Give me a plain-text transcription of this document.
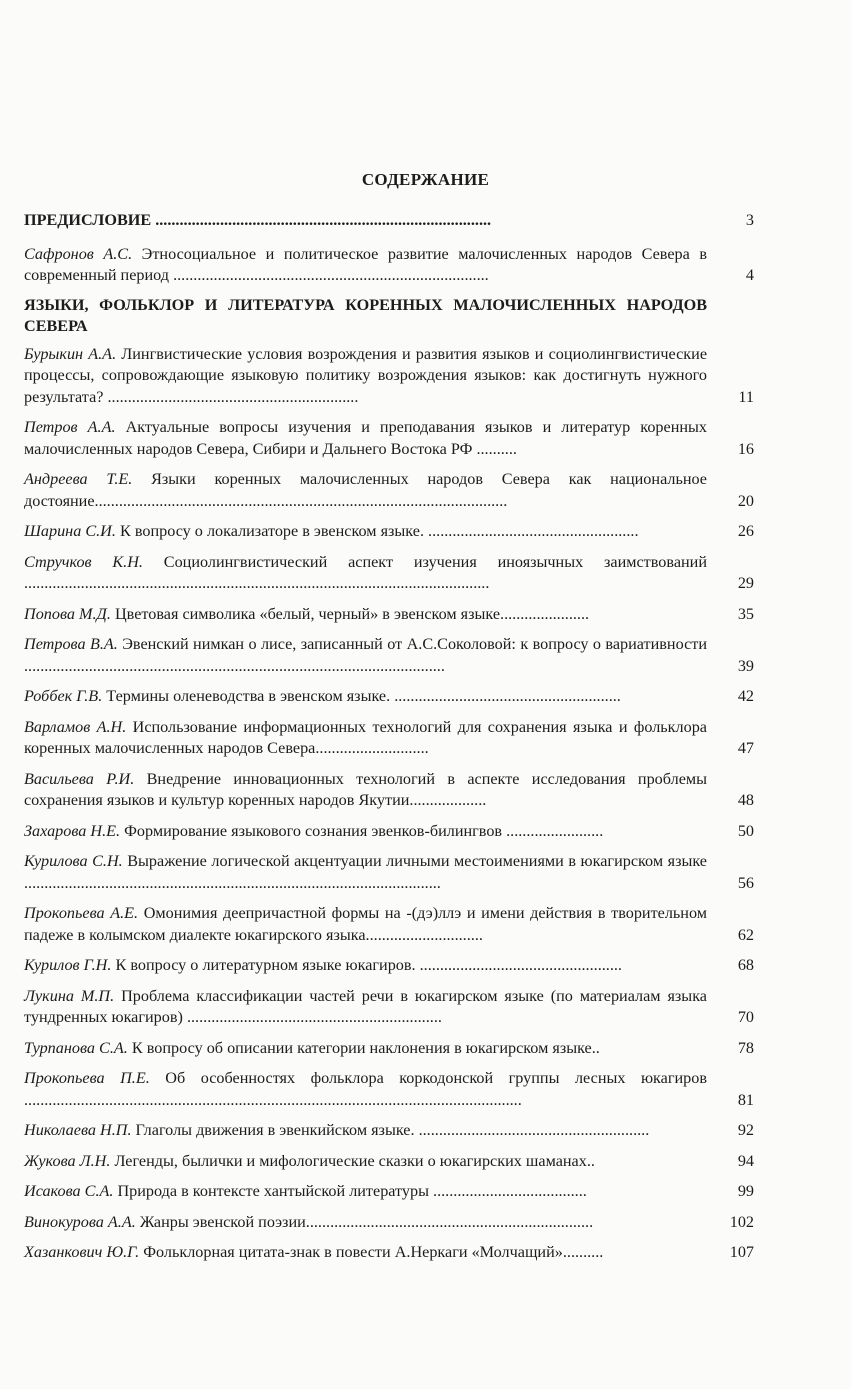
СОДЕРЖАНИЕ
ПРЕДИСЛОВИЕ ...................................................................................	3
Сафронов А.С. Этносоциальное и политическое развитие малочисленных народов Севера в современный период ..............................................................................	4
ЯЗЫКИ, ФОЛЬКЛОР И ЛИТЕРАТУРА КОРЕННЫХ МАЛОЧИСЛЕННЫХ НАРОДОВ СЕВЕРА
Бурыкин А.А. Лингвистические условия возрождения и развития языков и социолингвистические процессы, сопровождающие языковую политику возрождения языков: как достигнуть нужного результата? ..............................................................	11
Петров А.А. Актуальные вопросы изучения и преподавания языков и литератур коренных малочисленных народов Севера, Сибири и Дальнего Востока РФ ..........	16
Андреева Т.Е. Языки коренных малочисленных народов Севера как национальное достояние......................................................................................................	20
Шарина С.И. К вопросу о локализаторе в эвенском языке. ....................................................	26
Стручков К.Н. Социолингвистический аспект изучения иноязычных заимствований ...................................................................................................................	29
Попова М.Д. Цветовая символика «белый, черный» в эвенском языке......................	35
Петрова В.А. Эвенский нимкан о лисе, записанный от А.С.Соколовой: к вопросу о вариативности ........................................................................................................	39
Роббек Г.В. Термины оленеводства в эвенском языке. ........................................................	42
Варламов А.Н. Использование информационных технологий для сохранения языка и фольклора коренных малочисленных народов Севера............................	47
Васильева Р.И. Внедрение инновационных технологий в аспекте исследования проблемы сохранения языков и культур коренных народов Якутии...................	48
Захарова Н.Е. Формирование языкового сознания эвенков-билингвов ........................	50
Курилова С.Н. Выражение логической акцентуации личными местоимениями в юкагирском языке .......................................................................................................	56
Прокопьева А.Е. Омонимия деепричастной формы на -(дэ)ллэ и имени действия в творительном падеже в колымском диалекте юкагирского языка.............................	62
Курилов Г.Н. К вопросу о литературном языке юкагиров. ..................................................	68
Лукина М.П. Проблема классификации частей речи в юкагирском языке (по материалам языка тундренных юкагиров) ...............................................................	70
Турпанова С.А. К вопросу об описании категории наклонения в юкагирском языке..	78
Прокопьева П.Е. Об особенностях фольклора коркодонской группы лесных юкагиров ...........................................................................................................................	81
Николаева Н.П. Глаголы движения в эвенкийском языке. .........................................................	92
Жукова Л.Н. Легенды, былички и мифологические сказки о юкагирских шаманах..	94
Исакова С.А. Природа в контексте хантыйской литературы ......................................	99
Винокурова А.А. Жанры эвенской поэзии.......................................................................	102
Хазанкович Ю.Г. Фольклорная цитата-знак в повести А.Неркаги «Молчащий»..........	107
